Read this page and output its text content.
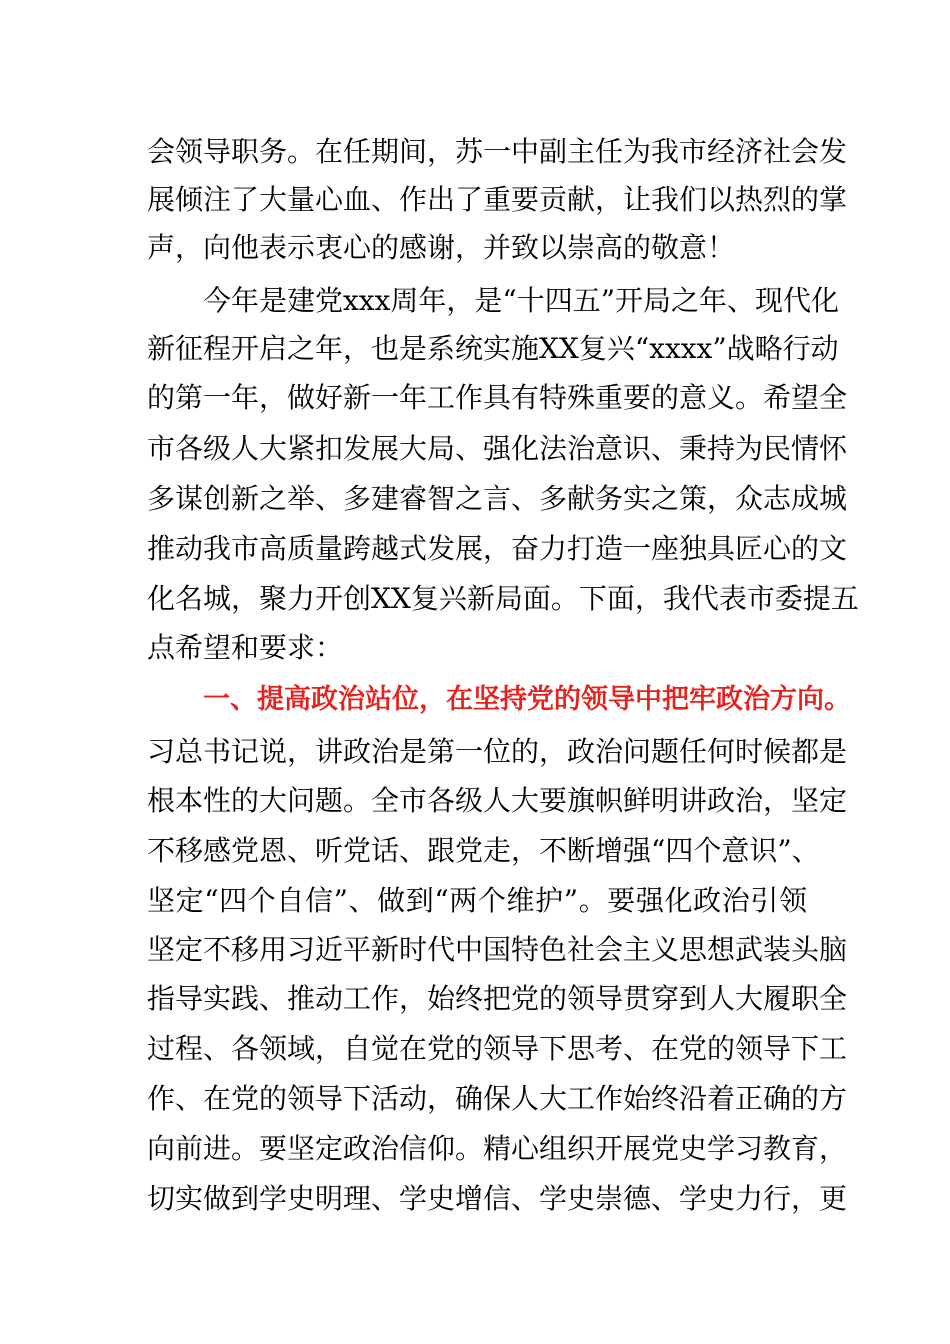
会领导职务。在任期间，苏一中副主任为我市经济社会发

展倾注了大量心血、作出了重要贡献，让我们以热烈的掌

声，向他表示衷心的感谢，并致以崇高的敬意！

今年是建党xxx周年，是“十四五”开局之年、现代化

新征程开启之年，也是系统实施XX复兴“xxxx”战略行动

的第一年，做好新一年工作具有特殊重要的意义。希望全

市各级人大紧扣发展大局、强化法治意识、秉持为民情怀

多谋创新之举、多建睿智之言、多献务实之策，众志成城

推动我市高质量跨越式发展，奋力打造一座独具匠心的文

化名城，聚力开创XX复兴新局面。下面，我代表市委提五

点希望和要求：

一、提高政治站位，在坚持党的领导中把牢政治方向。

习总书记说，讲政治是第一位的，政治问题任何时候都是

根本性的大问题。全市各级人大要旗帜鲜明讲政治，坚定

不移感党恩、听党话、跟党走，不断增强“四个意识”、

坚定“四个自信”、做到“两个维护”。要强化政治引领

坚定不移用习近平新时代中国特色社会主义思想武装头脑

指导实践、推动工作，始终把党的领导贯穿到人大履职全

过程、各领域，自觉在党的领导下思考、在党的领导下工

作、在党的领导下活动，确保人大工作始终沿着正确的方

向前进。要坚定政治信仰。精心组织开展党史学习教育，

切实做到学史明理、学史增信、学史崇德、学史力行，更
